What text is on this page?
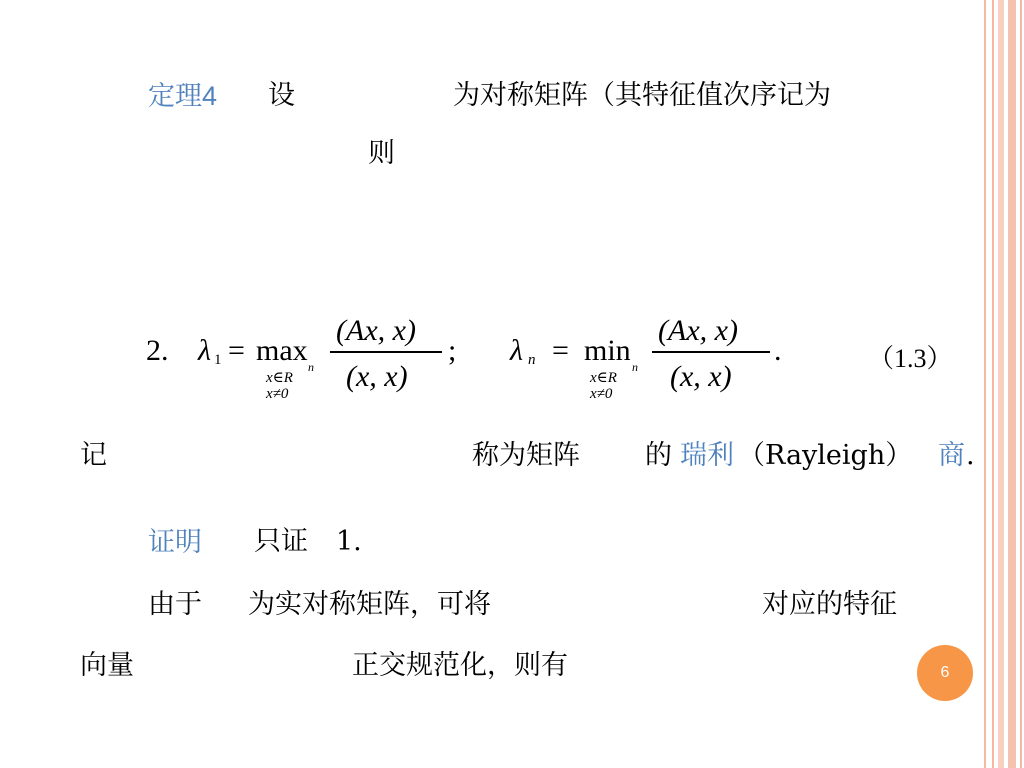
定理4 设	为对称矩阵（其特征值次序记为
则
2. λ 1 = max
x∈R
n
x≠0
(Ax, x)
(x, x)
; λ n = min
x∈R
n
x≠0
(Ax, x)
(x, x)
.	（1.3）
记	称为矩阵 的 瑞利 （Rayleigh） 商 .
证明 只证 1.
由于 为实对称矩阵，可将	对应的特征
向量	正交规范化，则有	6
